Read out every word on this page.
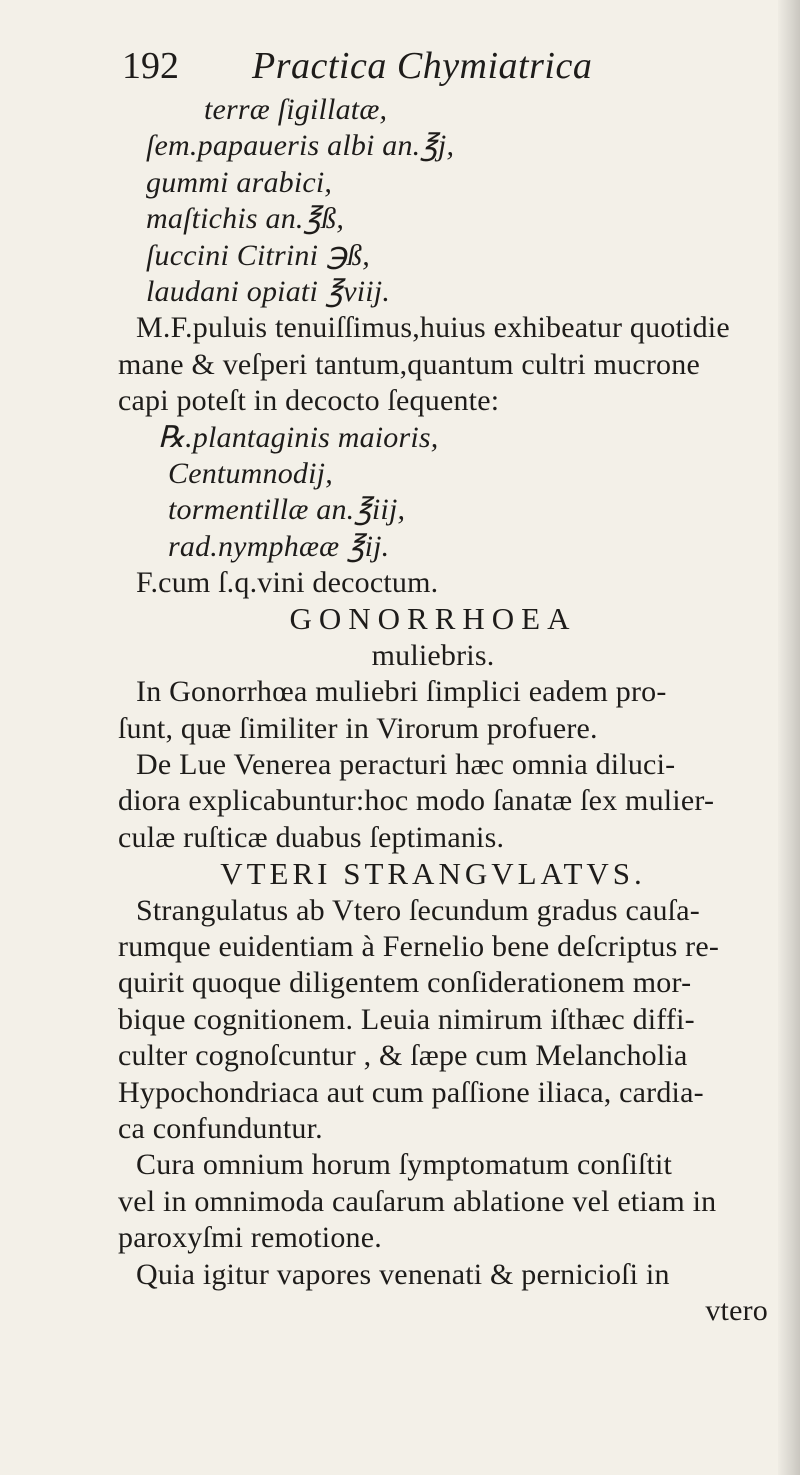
192 Practica Chymiatrica
terræ ſigillatæ,
ſem.papaueris albi an.℥j,
gummi arabici,
maſtichis an.℥ß,
ſuccini Citrini ℈ß,
laudani opiati ℥viij.
M.F.puluis tenuiſſimus,huius exhibeatur quotidie
mane & veſperi tantum,quantum cultri mucrone
capi poteſt in decocto ſequente:
℞.plantaginis maioris,
Centumnodij,
tormentillæ an.℥iij,
rad.nymphææ ℥ij.
F.cum ſ.q.vini decoctum.
GONORRHOEA
muliebris.
In Gonorrhœa muliebri ſimplici eadem pro-
ſunt, quæ ſimiliter in Virorum profuere.
De Lue Venerea peracturi hæc omnia diluci-
diora explicabuntur:hoc modo ſanatæ ſex mulier-
culæ ruſticæ duabus ſeptimanis.
VTERI STRANGVLATVS.
Strangulatus ab Vtero ſecundum gradus cauſa-
rumque euidentiam à Fernelio bene deſcriptus re-
quirit quoque diligentem conſiderationem mor-
bique cognitionem. Leuia nimirum iſthæc diffi-
culter cognoſcuntur , & ſæpe cum Melancholia
Hypochondriaca aut cum paſſione iliaca, cardia-
ca confunduntur.
Cura omnium horum ſymptomatum conſiſtit
vel in omnimoda cauſarum ablatione vel etiam in
paroxyſmi remotione.
Quia igitur vapores venenati & pernicioſi in
vtero
